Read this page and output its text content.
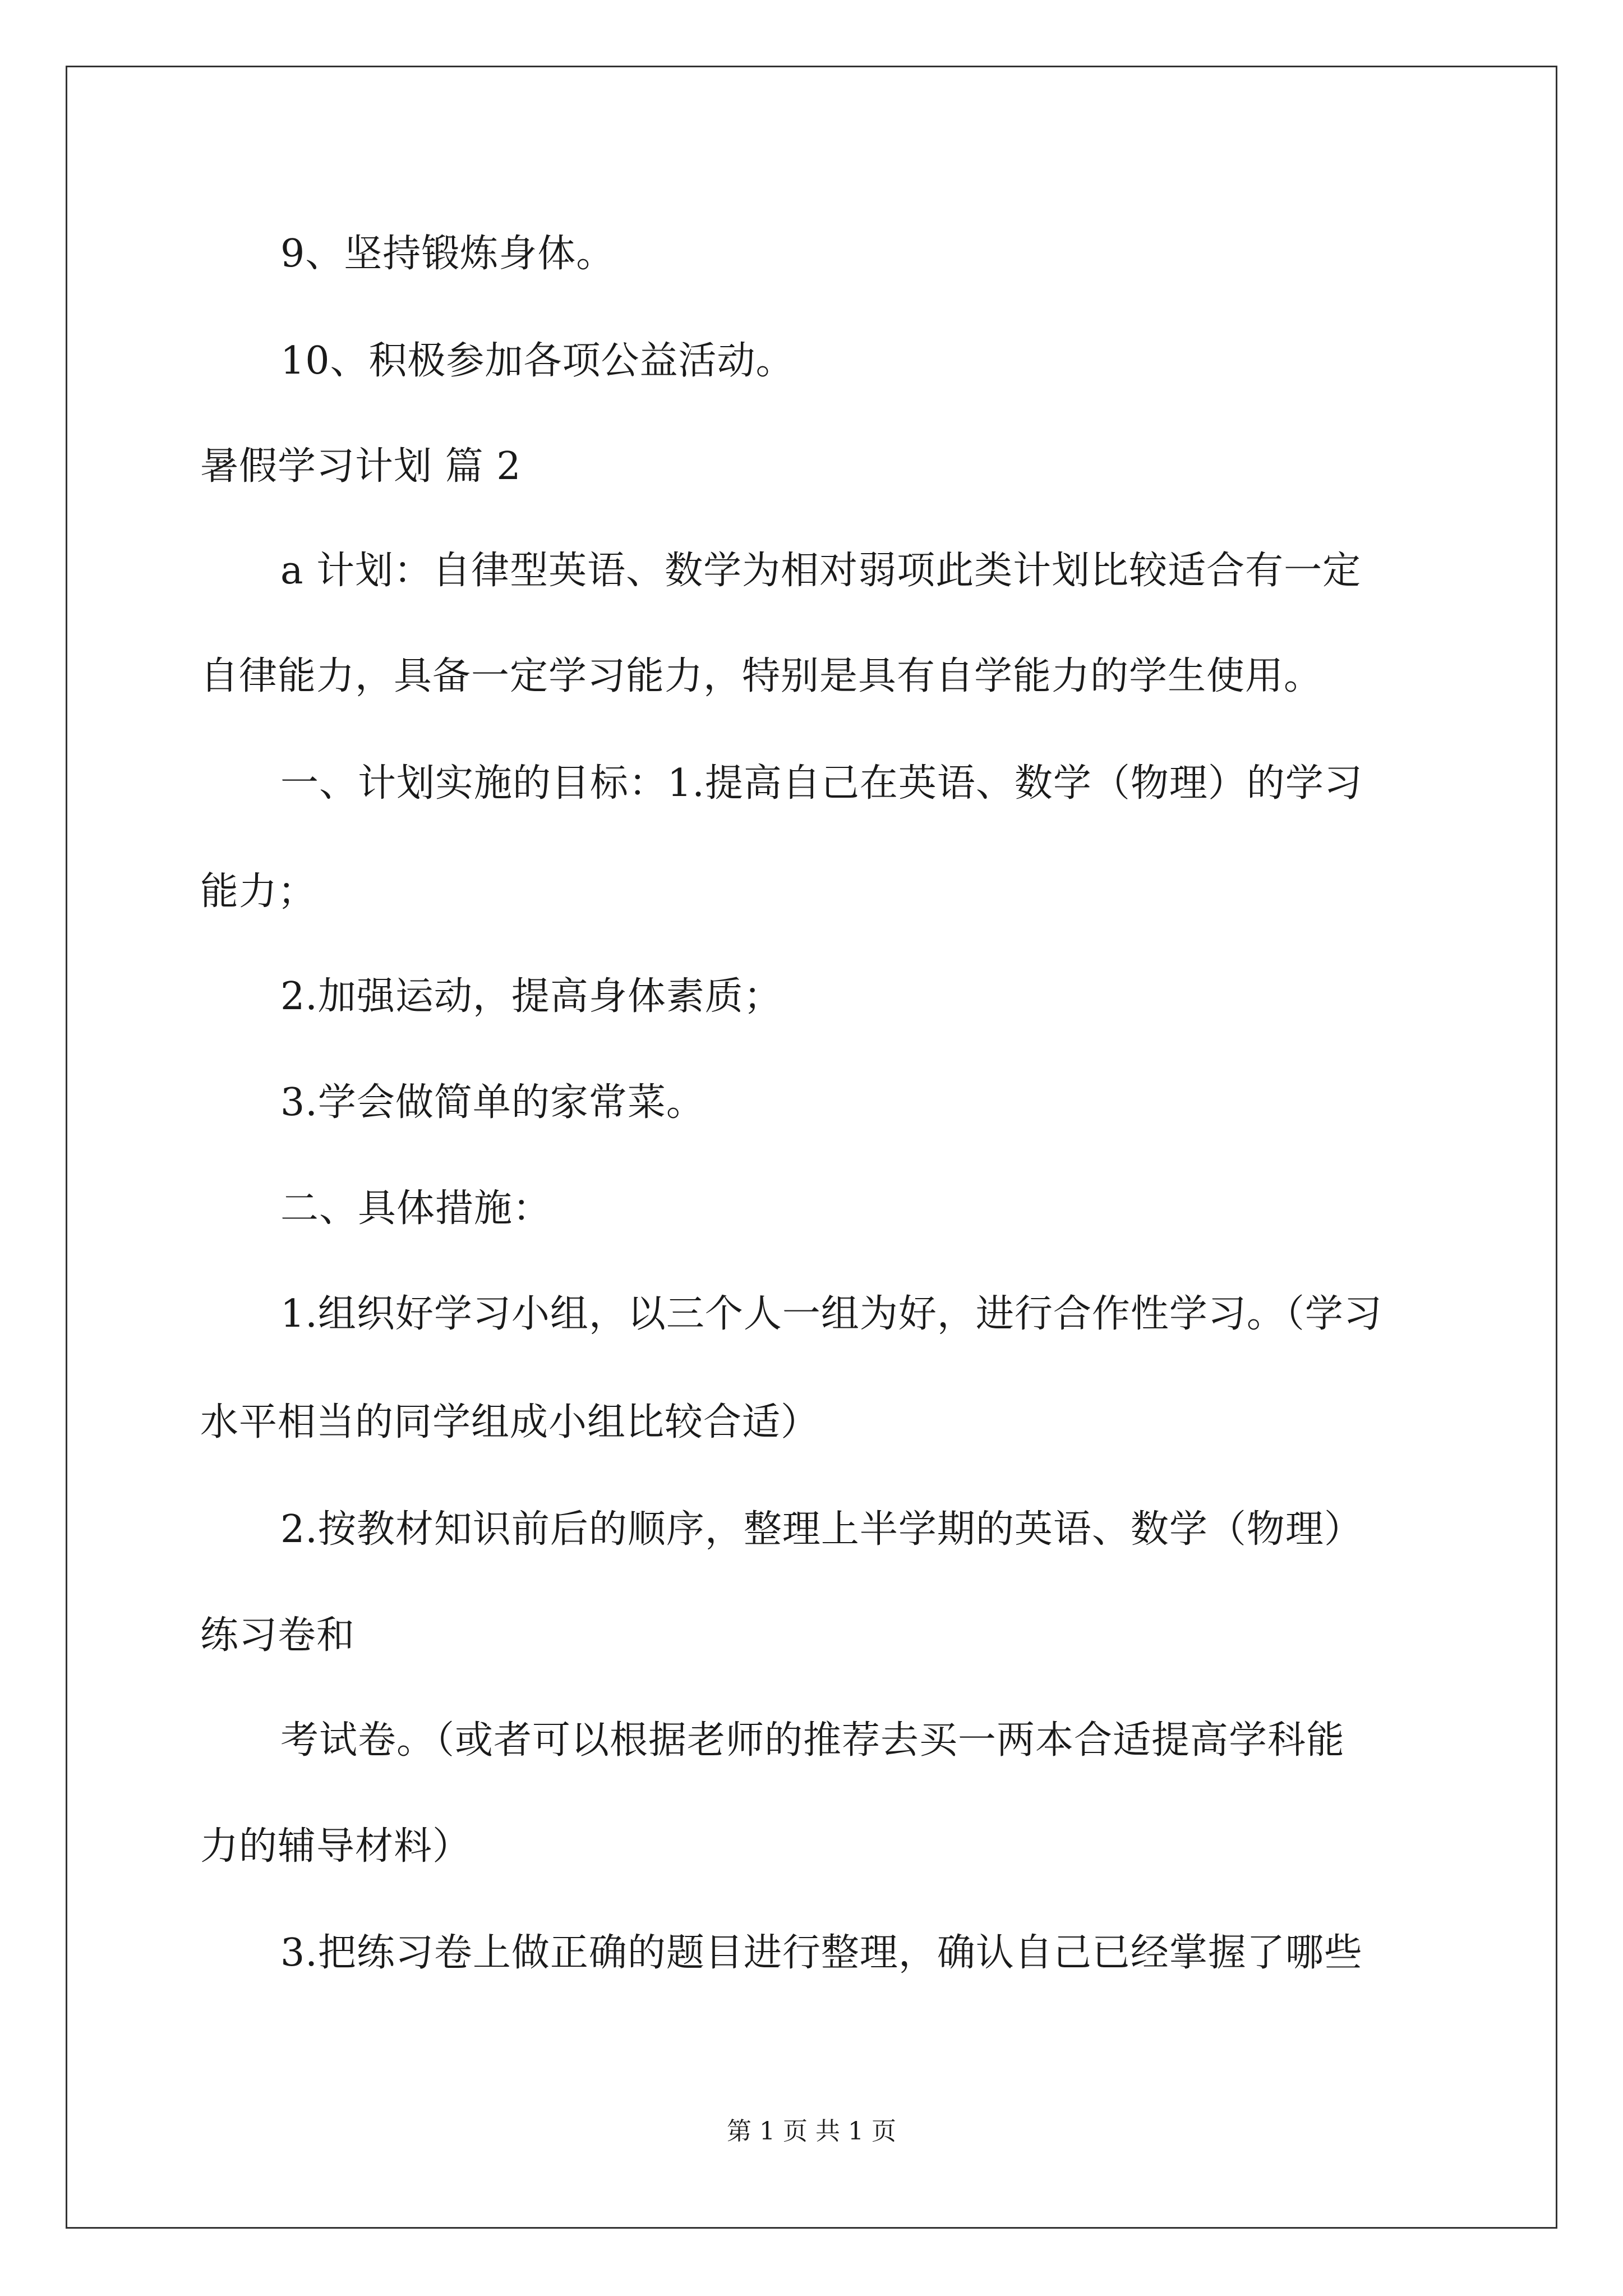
9、坚持锻炼身体。
10、积极参加各项公益活动。
暑假学习计划 篇 2
a 计划：自律型英语、数学为相对弱项此类计划比较适合有一定
自律能力，具备一定学习能力，特别是具有自学能力的学生使用。
一、计划实施的目标：1.提高自己在英语、数学（物理）的学习
能力；
2.加强运动，提高身体素质；
3.学会做简单的家常菜。
二、具体措施：
1.组织好学习小组，以三个人一组为好，进行合作性学习。（学习
水平相当的同学组成小组比较合适）
2.按教材知识前后的顺序，整理上半学期的英语、数学（物理）
练习卷和
考试卷。（或者可以根据老师的推荐去买一两本合适提高学科能
力的辅导材料）
3.把练习卷上做正确的题目进行整理，确认自己已经掌握了哪些
第 1 页 共 1 页
